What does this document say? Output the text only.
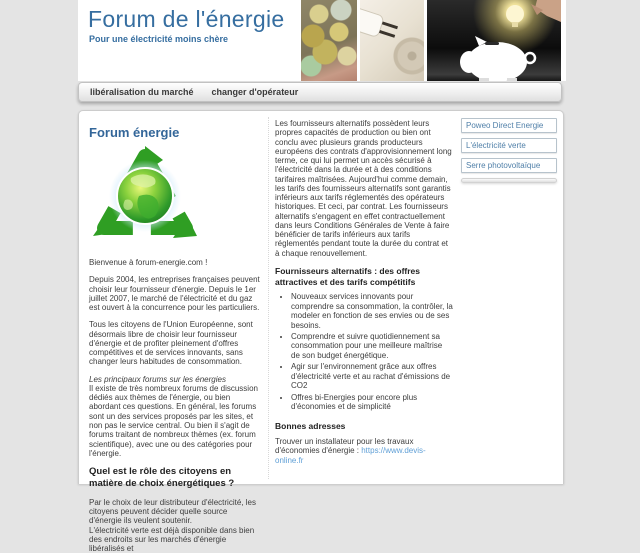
Forum de l'énergie
Pour une électricité moins chère
libéralisation du marché changer d'opérateur
Forum énergie

Bienvenue à forum-energie.com !

Depuis 2004, les entreprises françaises peuvent choisir leur fournisseur d'énergie. Depuis le 1er juillet 2007, le marché de l'électricité et du gaz est ouvert à la concurrence pour les particuliers.

Tous les citoyens de l'Union Européenne, sont désormais libre de choisir leur fournisseur d'énergie et de profiter pleinement d'offres compétitives et de services innovants, sans changer leurs habitudes de consommation.

Les principaux forums sur les énergies

Il existe de très nombreux forums de discussion dédiés aux thèmes de l'énergie, ou bien abordant ces questions. En général, les forums sont un des services proposés par les sites, et non pas le service central. Ou bien il s'agit de forums traitant de nombreux thèmes (ex. forum scientifique), avec une ou des catégories pour l'énergie.

Quel est le rôle des citoyens en matière de choix énergétiques ?

Par le choix de leur distributeur d'électricité, les citoyens peuvent décider quelle source d'énergie ils veulent soutenir.

L'électricité verte est déjà disponible dans bien des endroits sur les marchés d'énergie libéralisés et

Les fournisseurs alternatifs possèdent leurs propres capacités de production ou bien ont conclu avec plusieurs grands producteurs européens des contrats d'approvisionnement long terme, ce qui lui permet un accès sécurisé à l'électricité dans la durée et à des conditions tarifaires maîtrisées. Aujourd'hui comme demain, les tarifs des fournisseurs alternatifs sont garantis inférieurs aux tarifs réglementés des opérateurs historiques. Et ceci, par contrat. Les fournisseurs alternatifs s'engagent en effet contractuellement dans leurs Conditions Générales de Vente à faire bénéficier de tarifs inférieurs aux tarifs réglementés pendant toute la durée du contrat et à chaque renouvellement.

Fournisseurs alternatifs : des offres attractives et des tarifs compétitifs
• Nouveaux services innovants pour comprendre sa consommation, la contrôler, la modeler en fonction de ses envies ou de ses besoins.
• Comprendre et suivre quotidiennement sa consommation pour une meilleure maîtrise de son budget énergétique.
• Agir sur l'environnement grâce aux offres d'électricité verte et au rachat d'émissions de CO2
• Offres bi-Energies pour encore plus d'économies et de simplicité
Bonnes adresses

Trouver un installateur pour les travaux d'économies d'énergie : https://www.devis-online.fr

Poweo Direct Energie
L'électricité verte
Serre photovoltaïque
